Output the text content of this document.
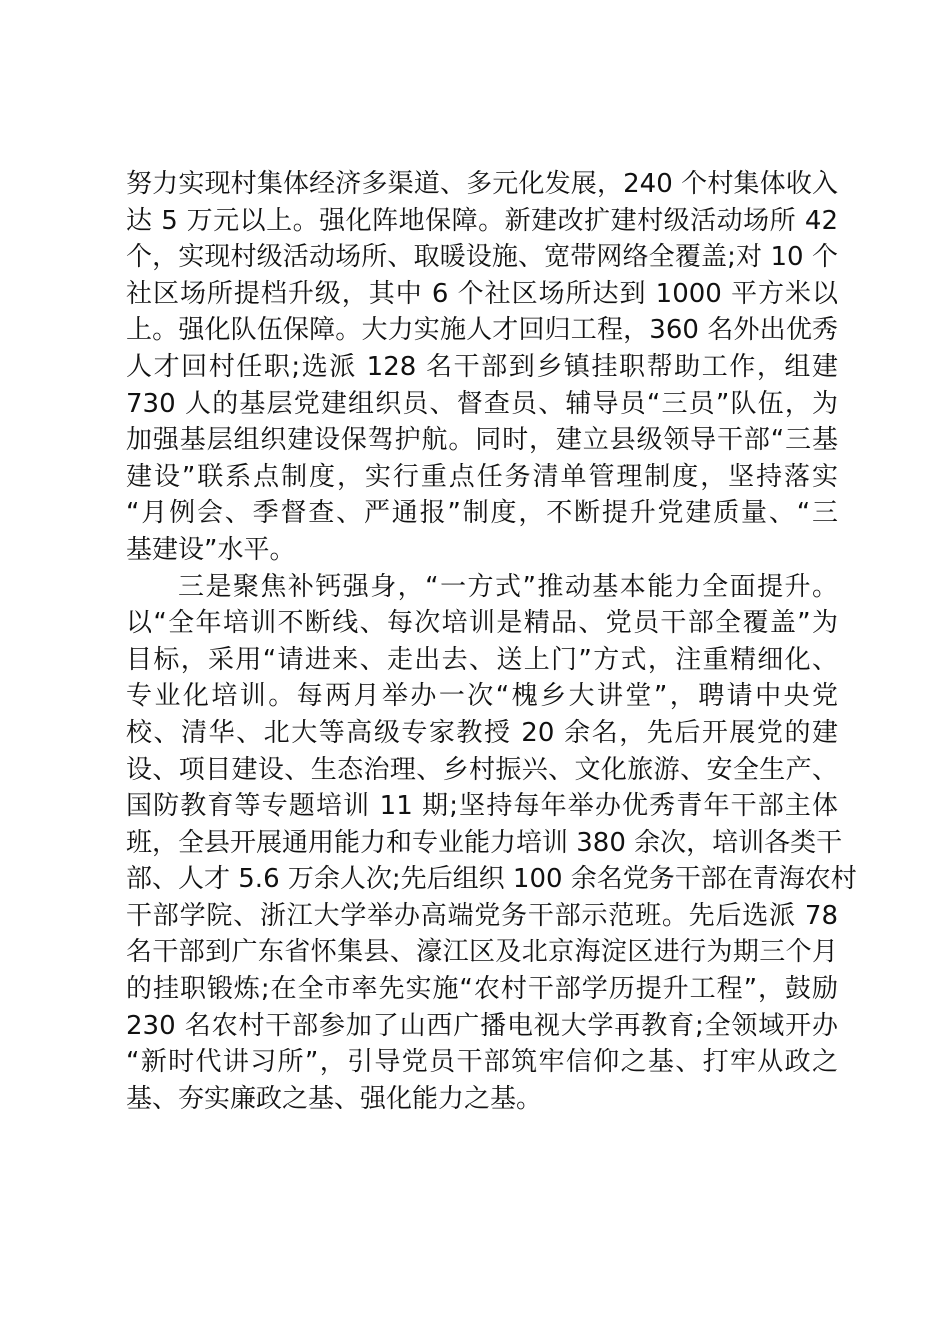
努力实现村集体经济多渠道、多元化发展，240 个村集体收入
达 5 万元以上。强化阵地保障。新建改扩建村级活动场所 42
个，实现村级活动场所、取暖设施、宽带网络全覆盖;对 10 个
社区场所提档升级，其中 6 个社区场所达到 1000 平方米以
上。强化队伍保障。大力实施人才回归工程，360 名外出优秀
人才回村任职;选派 128 名干部到乡镇挂职帮助工作，组建
730 人的基层党建组织员、督查员、辅导员“三员”队伍，为
加强基层组织建设保驾护航。同时，建立县级领导干部“三基
建设”联系点制度，实行重点任务清单管理制度，坚持落实
“月例会、季督查、严通报”制度，不断提升党建质量、“三
基建设”水平。
三是聚焦补钙强身，“一方式”推动基本能力全面提升。
以“全年培训不断线、每次培训是精品、党员干部全覆盖”为
目标，采用“请进来、走出去、送上门”方式，注重精细化、
专业化培训。每两月举办一次“槐乡大讲堂”，聘请中央党
校、清华、北大等高级专家教授 20 余名，先后开展党的建
设、项目建设、生态治理、乡村振兴、文化旅游、安全生产、
国防教育等专题培训 11 期;坚持每年举办优秀青年干部主体
班，全县开展通用能力和专业能力培训 380 余次，培训各类干
部、人才 5.6 万余人次;先后组织 100 余名党务干部在青海农村
干部学院、浙江大学举办高端党务干部示范班。先后选派 78
名干部到广东省怀集县、濠江区及北京海淀区进行为期三个月
的挂职锻炼;在全市率先实施“农村干部学历提升工程”，鼓励
230 名农村干部参加了山西广播电视大学再教育;全领域开办
“新时代讲习所”，引导党员干部筑牢信仰之基、打牢从政之
基、夯实廉政之基、强化能力之基。
